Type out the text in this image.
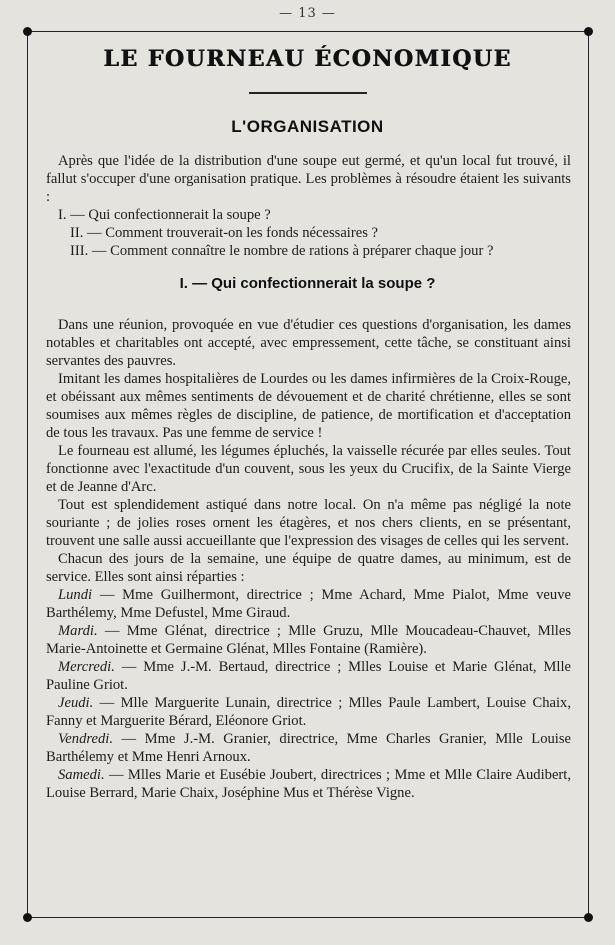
— 13 —
LE FOURNEAU ÉCONOMIQUE
L'ORGANISATION

Après que l'idée de la distribution d'une soupe eut germé, et qu'un local fut trouvé, il fallut s'occuper d'une organisation pratique. Les problèmes à résoudre étaient les suivants :

I. — Qui confectionnerait la soupe ?

II. — Comment trouverait-on les fonds nécessaires ?

III. — Comment connaître le nombre de rations à préparer chaque jour ?

I. — Qui confectionnerait la soupe ?

Dans une réunion, provoquée en vue d'étudier ces questions d'organisation, les dames notables et charitables ont accepté, avec empressement, cette tâche, se constituant ainsi servantes des pauvres.

Imitant les dames hospitalières de Lourdes ou les dames infirmières de la Croix-Rouge, et obéissant aux mêmes sentiments de dévouement et de charité chrétienne, elles se sont soumises aux mêmes règles de discipline, de patience, de mortification et d'acceptation de tous les travaux. Pas une femme de service !

Le fourneau est allumé, les légumes épluchés, la vaisselle récurée par elles seules. Tout fonctionne avec l'exactitude d'un couvent, sous les yeux du Crucifix, de la Sainte Vierge et de Jeanne d'Arc.

Tout est splendidement astiqué dans notre local. On n'a même pas négligé la note souriante ; de jolies roses ornent les étagères, et nos chers clients, en se présentant, trouvent une salle aussi accueillante que l'expression des visages de celles qui les servent.

Chacun des jours de la semaine, une équipe de quatre dames, au minimum, est de service. Elles sont ainsi réparties :

Lundi — Mme Guilhermont, directrice ; Mme Achard, Mme Pialot, Mme veuve Barthélemy, Mme Defustel, Mme Giraud.

Mardi. — Mme Glénat, directrice ; Mlle Gruzu, Mlle Moucadeau-Chauvet, Mlles Marie-Antoinette et Germaine Glénat, Mlles Fontaine (Ramière).

Mercredi. — Mme J.-M. Bertaud, directrice ; Mlles Louise et Marie Glénat, Mlle Pauline Griot.

Jeudi. — Mlle Marguerite Lunain, directrice ; Mlles Paule Lambert, Louise Chaix, Fanny et Marguerite Bérard, Eléonore Griot.

Vendredi. — Mme J.-M. Granier, directrice, Mme Charles Granier, Mlle Louise Barthélemy et Mme Henri Arnoux.

Samedi. — Mlles Marie et Eusébie Joubert, directrices ; Mme et Mlle Claire Audibert, Louise Berrard, Marie Chaix, Joséphine Mus et Thérèse Vigne.
